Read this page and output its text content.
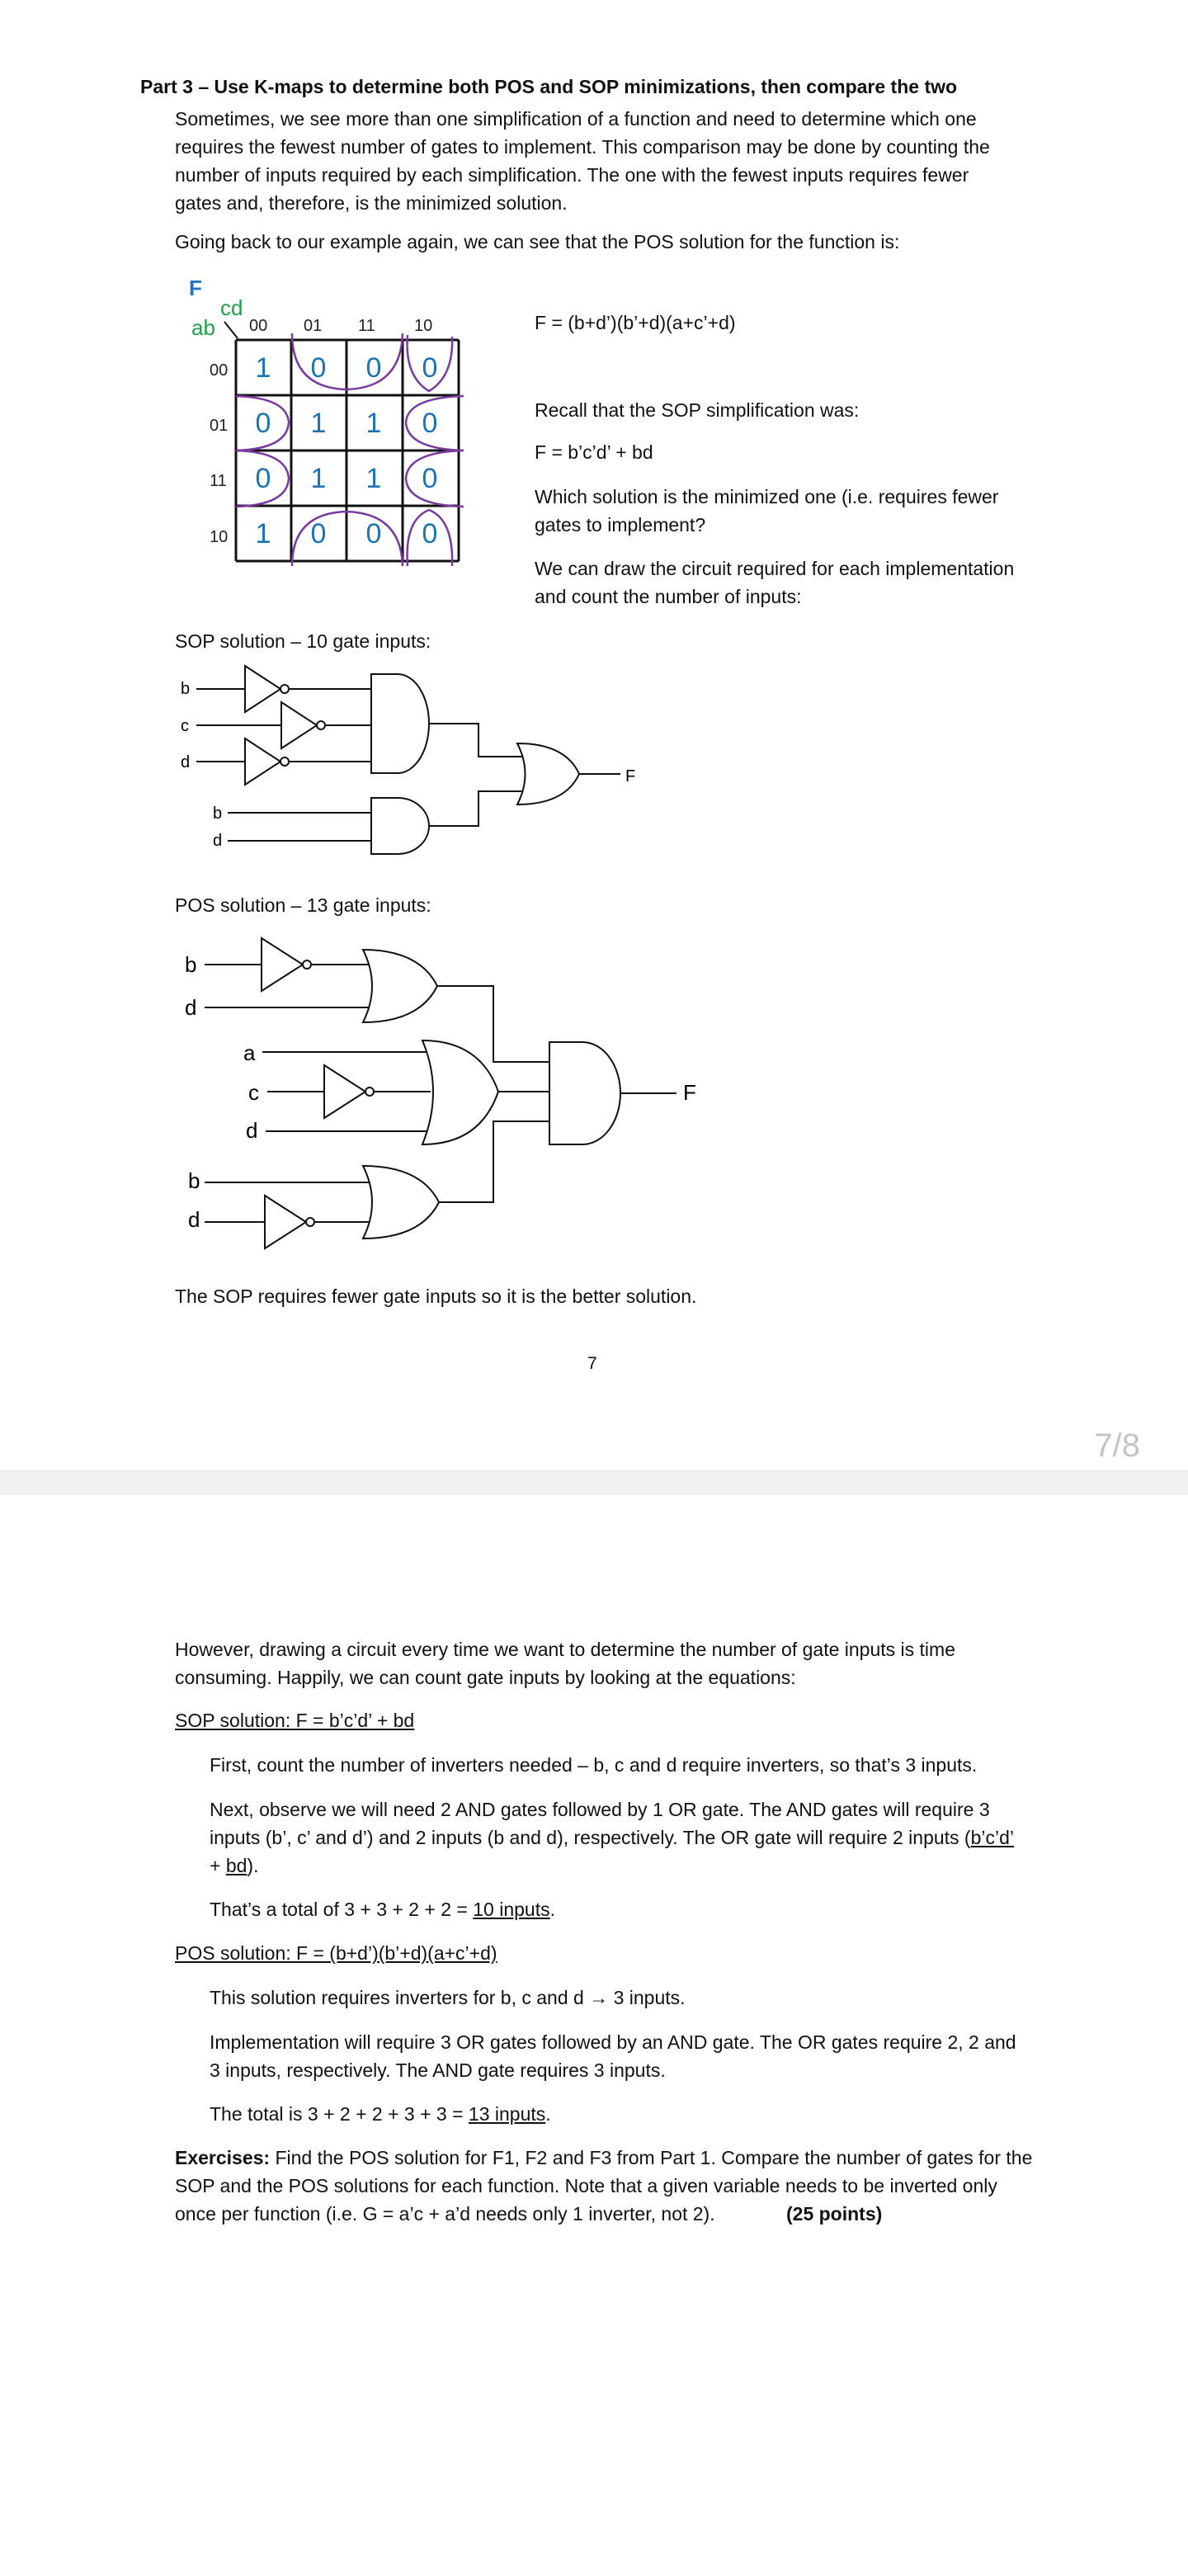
Part 3 – Use K-maps to determine both POS and SOP minimizations, then compare the two
Sometimes, we see more than one simplification of a function and need to determine which one
requires the fewest number of gates to implement. This comparison may be done by counting the
number of inputs required by each simplification. The one with the fewest inputs requires fewer
gates and, therefore, is the minimized solution.
Going back to our example again, we can see that the POS solution for the function is:
F
cd
ab 00 01 11 10
00
01
11
10
1	0	0	0
0	1	1	0
0	1	1	0
1	0	0	0
F = (b+d’)(b’+d)(a+c’+d)
Recall that the SOP simplification was:
F = b’c’d’ + bd
Which solution is the minimized one (i.e. requires fewer
gates to implement?
We can draw the circuit required for each implementation
and count the number of inputs:
SOP solution – 10 gate inputs:
b
c
d
b
d
F
POS solution – 13 gate inputs:
b
d
a
c
d
b
d
F
The SOP requires fewer gate inputs so it is the better solution.
7
7/8
However, drawing a circuit every time we want to determine the number of gate inputs is time
consuming. Happily, we can count gate inputs by looking at the equations:
SOP solution: F = b’c’d’ + bd
First, count the number of inverters needed – b, c and d require inverters, so that’s 3 inputs.
Next, observe we will need 2 AND gates followed by 1 OR gate. The AND gates will require 3
inputs (b’, c’ and d’) and 2 inputs (b and d), respectively. The OR gate will require 2 inputs (b’c’d’
+ bd).
That’s a total of 3 + 3 + 2 + 2 = 10 inputs.
POS solution: F = (b+d’)(b’+d)(a+c’+d)
This solution requires inverters for b, c and d → 3 inputs.
Implementation will require 3 OR gates followed by an AND gate. The OR gates require 2, 2 and
3 inputs, respectively. The AND gate requires 3 inputs.
The total is 3 + 2 + 2 + 3 + 3 = 13 inputs.
Exercises: Find the POS solution for F1, F2 and F3 from Part 1. Compare the number of gates for the
SOP and the POS solutions for each function. Note that a given variable needs to be inverted only
once per function (i.e. G = a’c + a’d needs only 1 inverter, not 2).	(25 points)
